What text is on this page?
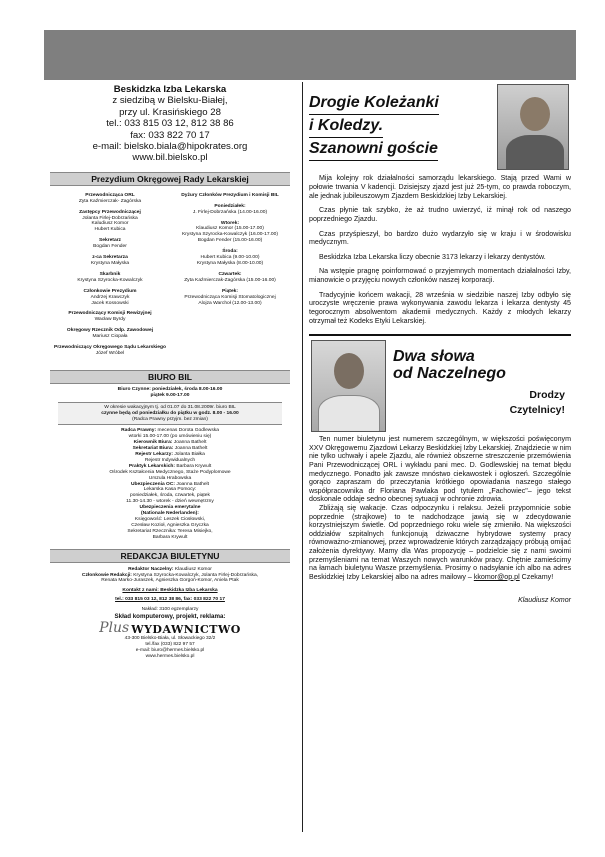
Beskidzka Izba Lekarska
z siedzibą w Bielsku-Białej,
przy ul. Krasińskiego 28
tel.: 033 815 03 12, 812 38 86
fax: 033 822 70 17
e-mail: bielsko.biala@hipokrates.org
www.bil.bielsko.pl
Prezydium Okręgowej Rady Lekarskiej
Przewodnicząca ORL
Zyta Kaźmierczak- Zagórska
Zastępcy Przewodniczącej
Jolanta Firlej-Dobrzańska
Kaludiusz Komor
Hubert Kubica
Sekretarz
Bogdan Fender
z-ca Sekretarza
Krystyna Małyska
Skarbnik
Krystyna Szyrocka-Kowalczyk
Członkowie Prezydium
Andrzej Krawczyk
Jacek Kossowski
Przewodniczący Komisji Rewizyjnej
Wacław Byrdy
Okręgowy Rzecznik Odp. Zawodowej
Mariusz Ciopała
Przewodniczący Okręgowego Sądu Lekarskiego
Józef Wróbel
Dyżury Członków Prezydium i Komisji BIL
Poniedziałek:
J. Firlej-Dobrzańska (14.00-16.00)
Wtorek:
Klaudiusz Komor (15.00-17.00)
Krystyna Szyrocka-Kowalczyk (16.00-17.00)
Bogdan Fender (15.00-16.00)
Środa:
Hubert Kubica (9.00-10.00)
Krystyna Małyska (8.00-10.00)
Czwartek:
Zyta Kaźmierczak-Zagórska (15.00-16.00)
Piątek:
Przewodnicząca Komisji Stomatologicznej
Alojza Warchoł (12.00-13.00)
BIURO BIL
Biuro Czynne: poniedziałek, środa 8.00-16.00
piątek 9.00-17.00
W okresie wakacyjnym tj. od 01.07 do 31.08.2009r. biuro BIL
czynne będą od poniedziałku do piątku w godz. 8.00 - 16.00
(Radca Prawny przyjm. bez zmian)
Radca Prawny: mecenas Dorota Godlewska
wtorki 15.00-17.00 (po umówieniu się)
Kierownik Biura: Joanna Bathelt
Sekretariat Biura: Joanna Bathelt
Rejestr Lekarzy: Jolanta Białka
Rejestr Indywidualnych
Praktyk Lekarskich: Barbara Krywult
Ośrodek Kształcenia Medycznego, Staże Podyplomowe
Urszula Hrabowska
Ubezpieczenia OC: Joanna Bathelt
Lekarska Kasa Pomocy:
poniedziałek, środa, czwartek, piątek
11.30-14.30 - wtorek - dzień wewnętrzny
Ubezpieczenia emerytalne
(Nationale Nederlanden):
Księgowość: Leszek Ciosłowski,
Czesław Kozioł, Agnieszka Gryczka
Sekretariat Rzecznika: Teresa Misiejko,
Barbara Krywult
REDAKCJA BIULETYNU
Redaktor Naczelny: Klaudiusz Komor
Członkowie Redakcji: Krystyna Szyrocka-Kowalczyk, Jolanta Firlej-Dobrzańska,
Renata Marko-Juraszek, Agnieszka Gorgoń-Komor, Aniela Ptak
Kontakt z nami: Beskidzka Izba Lekarska
tel.: 033 815 03 12, 812 38 86, fax: 033 822 70 17
Nakład: 3100 egzemplarzy
Skład komputerowy, projekt, reklama:
Plus WYDAWNICTWO
43-300 Bielsko-Biała, ul. Słowackiego 32/2
tel./fax (033) 822 97 57
e-mail: biuro@hermes.bielsko.pl
www.hermes.bielsko.pl
Drogie Koleżanki
i Koledzy.
Szanowni goście

Mija kolejny rok działalności samorządu lekarskiego. Stają przed Wami w połowie trwania V kadencji. Dzisiejszy zjazd jest już 25-tym, co prawda roboczym, ale jednak jubileuszowym Zjazdem Beskidzkiej Izby Lekarskiej.

Czas płynie tak szybko, że aż trudno uwierzyć, iż minął rok od naszego poprzedniego Zjazdu.

Czas przyśpieszył, bo bardzo dużo wydarzyło się w kraju i w środowisku medycznym.

Beskidzka Izba Lekarska liczy obecnie 3173 lekarzy i lekarzy dentystów.

Na wstępie pragnę poinformować o przyjemnych momentach działalności Izby, mianowicie o przyjęciu nowych członków naszej korporacji.

Tradycyjnie końcem wakacji, 28 września w siedzibie naszej Izby odbyło się uroczyste wręczenie prawa wykonywania zawodu lekarza i lekarza dentysty 45 tegorocznym absolwentom akademii medycznych. Każdy z młodych lekarzy otrzymał też Kodeks Etyki Lekarskiej.

Dwa słowa
od Naczelnego
Drodzy
Czytelnicy!

Ten numer biuletynu jest numerem szczególnym, w większości poświęconym XXV Okręgowemu Zjazdowi Lekarzy Beskidzkiej Izby Lekarskiej. Znajdziecie w nim nie tylko uchwały i apele Zjazdu, ale również obszerne streszczenie przemówienia Pani Przewodniczącej ORL i wykładu pani mec. D. Godlewskiej na temat błędu medycznego. Ponadto jak zawsze mnóstwo ciekawostek i ogłoszeń. Szczególnie gorąco zapraszam do przeczytania krótkiego opowiadania naszego stałego współpracownika dr Floriana Pawlaka pod tytułem „Fachowiec"– jego tekst doskonale oddaje sedno obecnej sytuacji w ochronie zdrowia.

Zbliżają się wakacje. Czas odpoczynku i relaksu. Jeżeli przypomnicie sobie poprzednie (strajkowe) to te nadchodzące jawią się w zdecydowanie korzystniejszym świetle. Od poprzedniego roku wiele się zmieniło. Na większości oddziałów szpitalnych funkcjonują dziwaczne hybrydowe systemy pracy równoważno-zmianowej, przez wprowadzenie których zarządzający próbują omijać założenia dyrektywy. Mamy dla Was propozycję – podzielcie się z nami swoimi przemyśleniami na temat Waszych nowych warunków pracy. Chętnie zamieścimy na łamach biuletynu Wasze przemyślenia. Prosimy o nadsyłanie ich albo na adres Beskidzkiej Izby Lekarskiej albo na adres mailowy – kkomor@op.pl Czekamy!

Klaudiusz Komor
